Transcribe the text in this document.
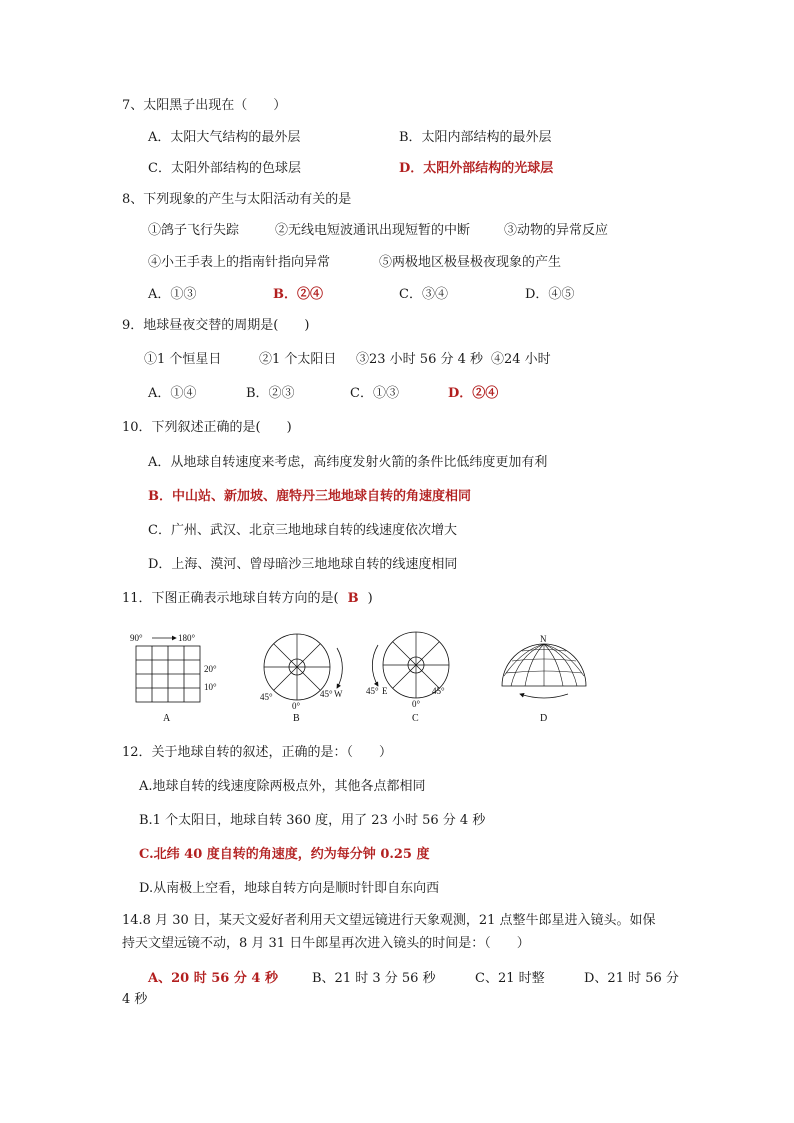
7、太阳黑子出现在（　　）
A．太阳大气结构的最外层	B．太阳内部结构的最外层
C．太阳外部结构的色球层	D．太阳外部结构的光球层
8、下列现象的产生与太阳活动有关的是
①鸽子飞行失踪	②无线电短波通讯出现短暂的中断	③动物的异常反应
④小王手表上的指南针指向异常	⑤两极地区极昼极夜现象的产生
A．①③	B．②④	C．③④	D．④⑤
9．地球昼夜交替的周期是(　　)
①1 个恒星日	②1 个太阳日 ③23 小时 56 分 4 秒 ④24 小时
A．①④	B．②③	C．①③	D．②④
10．下列叙述正确的是(　　)
A．从地球自转速度来考虑，高纬度发射火箭的条件比低纬度更加有利
B．中山站、新加坡、鹿特丹三地地球自转的角速度相同
C．广州、武汉、北京三地地球自转的线速度依次增大
D．上海、漠河、曾母暗沙三地地球自转的线速度相同
11．下图正确表示地球自转方向的是( B )
90°	180°
20°
10°
A
45°
0°
45° W
B
45° E	45°
0°
C
N
D
12．关于地球自转的叙述，正确的是：（　　）
A.地球自转的线速度除两极点外，其他各点都相同
B.1 个太阳日，地球自转 360 度，用了 23 小时 56 分 4 秒
C.北纬 40 度自转的角速度，约为每分钟 0.25 度
D.从南极上空看，地球自转方向是顺时针即自东向西
14.8 月 30 日，某天文爱好者利用天文望远镜进行天象观测，21 点整牛郎星进入镜头。如保
持天文望远镜不动，8 月 31 日牛郎星再次进入镜头的时间是：（　　）
A、20 时 56 分 4 秒	B、21 时 3 分 56 秒	C、21 时整	D、21 时 56 分
4 秒
